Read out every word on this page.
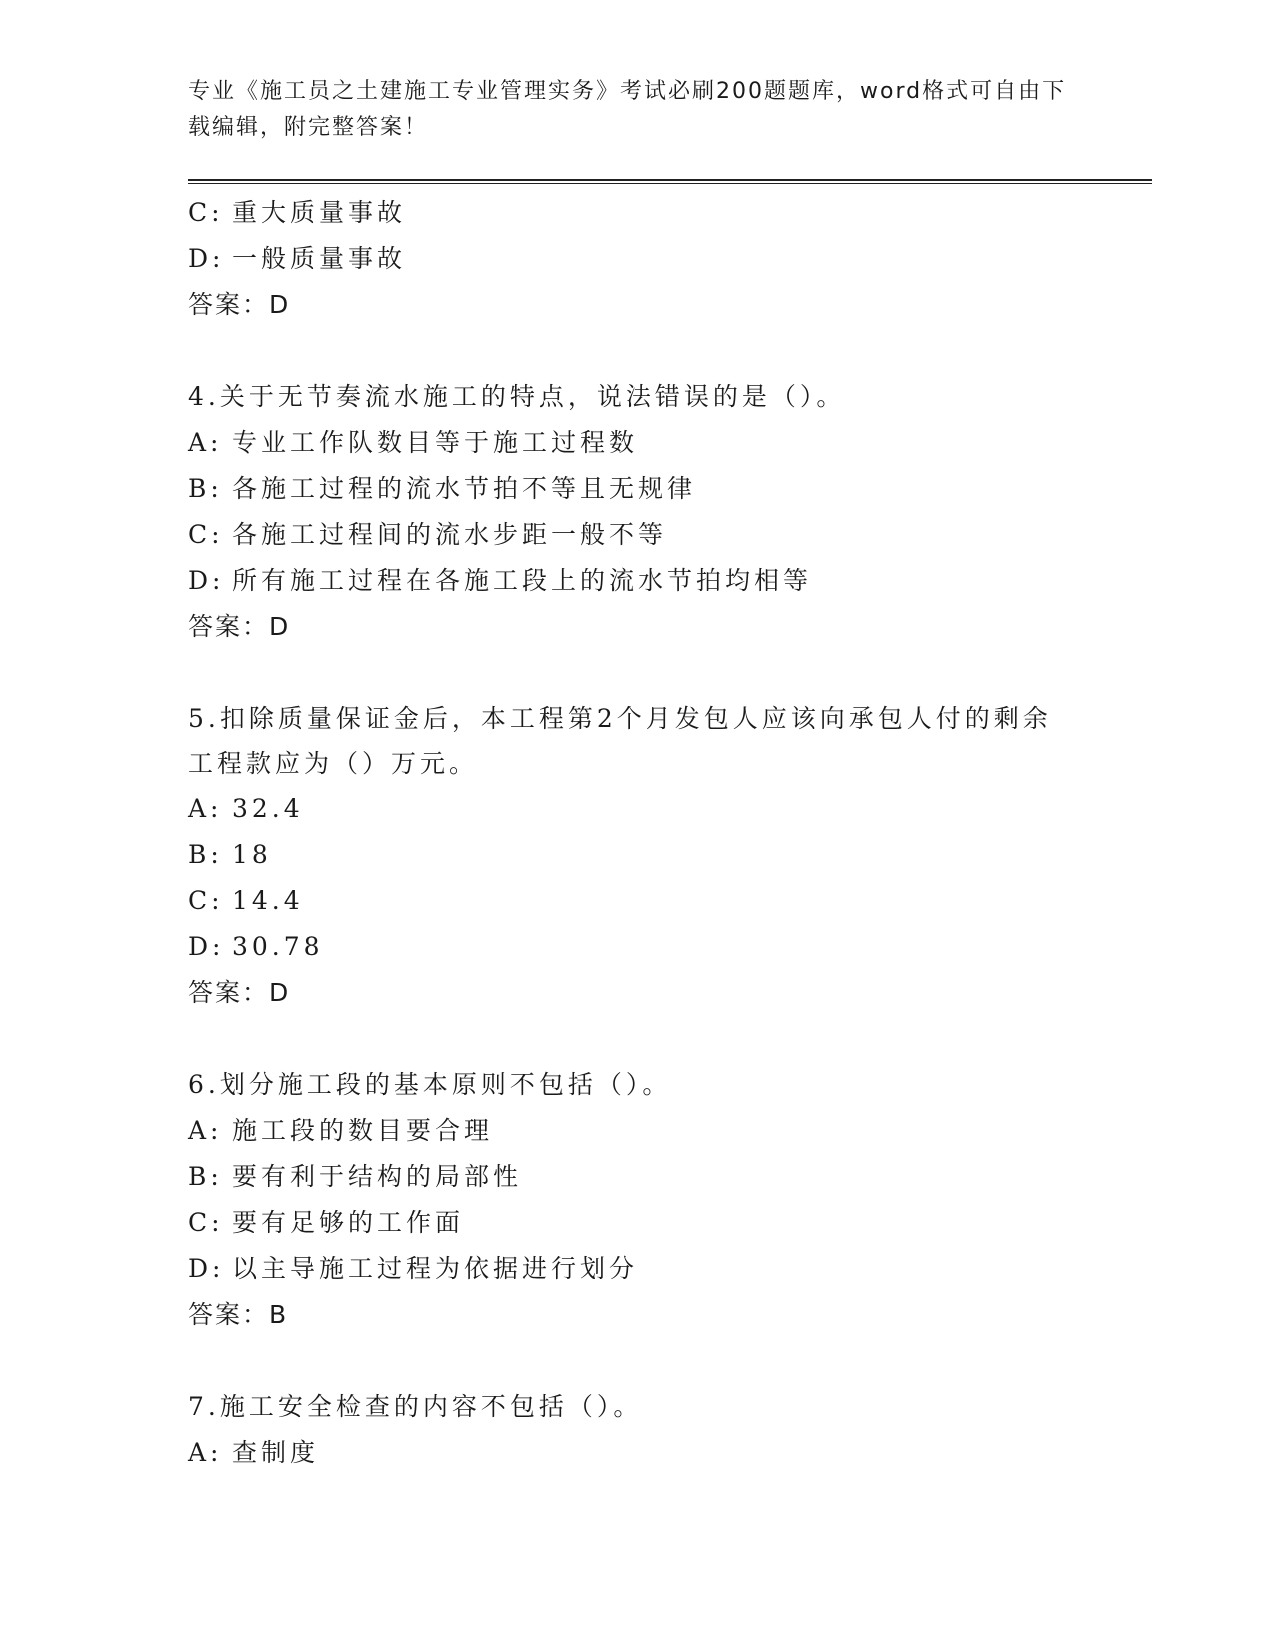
专业《施工员之土建施工专业管理实务》考试必刷200题题库，word格式可自由下载编辑，附完整答案！
C: 重大质量事故
D: 一般质量事故
答案：D
4.关于无节奏流水施工的特点，说法错误的是（）。
A: 专业工作队数目等于施工过程数
B: 各施工过程的流水节拍不等且无规律
C: 各施工过程间的流水步距一般不等
D: 所有施工过程在各施工段上的流水节拍均相等
答案：D
5.扣除质量保证金后，本工程第2个月发包人应该向承包人付的剩余工程款应为（）万元。
A: 32.4
B: 18
C: 14.4
D: 30.78
答案：D
6.划分施工段的基本原则不包括（）。
A: 施工段的数目要合理
B: 要有利于结构的局部性
C: 要有足够的工作面
D: 以主导施工过程为依据进行划分
答案：B
7.施工安全检查的内容不包括（）。
A: 查制度
